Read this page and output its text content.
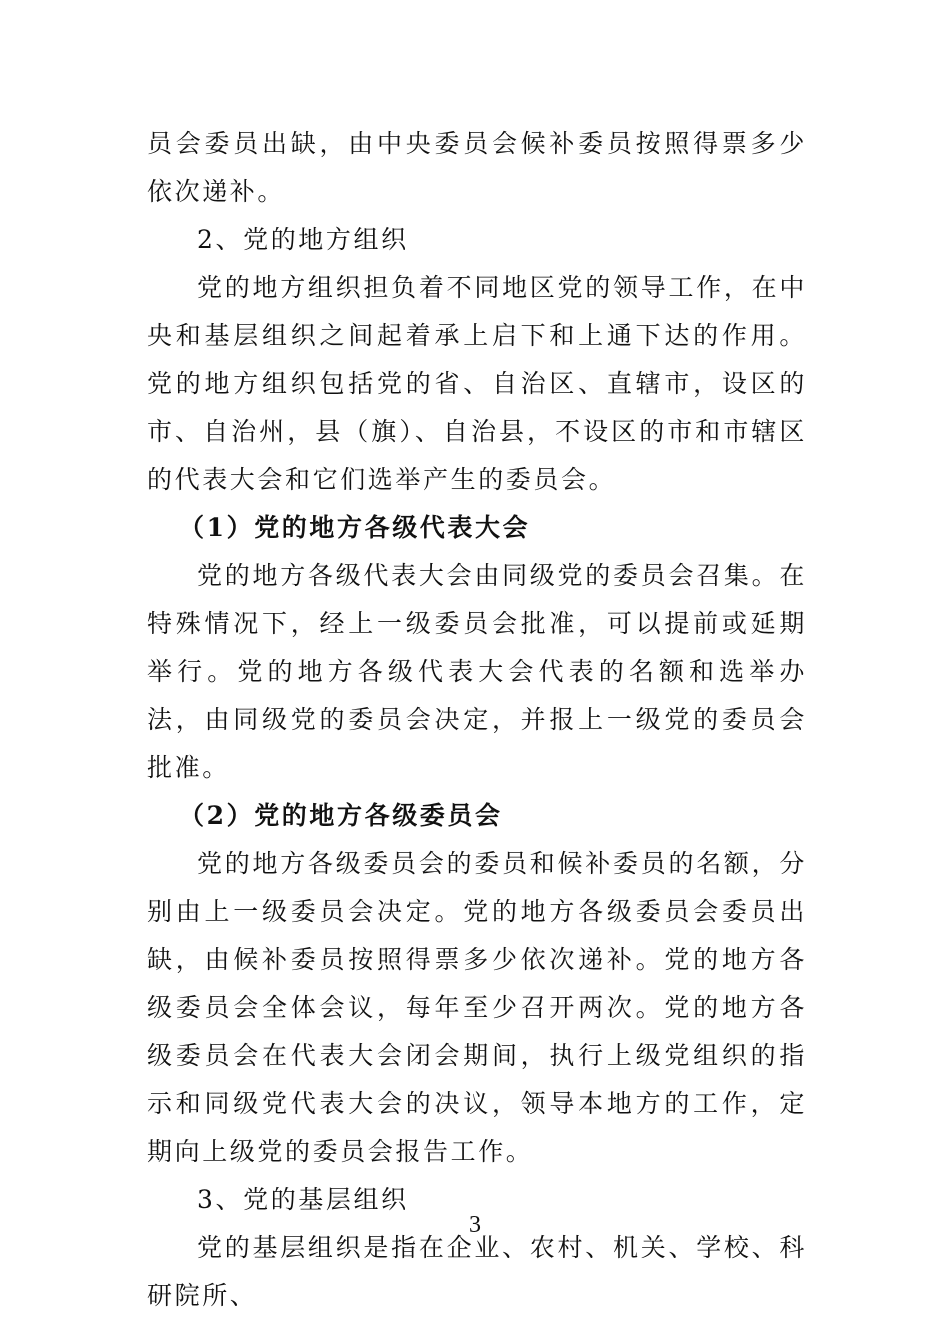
员会委员出缺，由中央委员会候补委员按照得票多少依次递补。

2、党的地方组织

党的地方组织担负着不同地区党的领导工作，在中央和基层组织之间起着承上启下和上通下达的作用。党的地方组织包括党的省、自治区、直辖市，设区的市、自治州，县（旗）、自治县，不设区的市和市辖区的代表大会和它们选举产生的委员会。

（1）党的地方各级代表大会

党的地方各级代表大会由同级党的委员会召集。在特殊情况下，经上一级委员会批准，可以提前或延期举行。党的地方各级代表大会代表的名额和选举办法，由同级党的委员会决定，并报上一级党的委员会批准。

（2）党的地方各级委员会

党的地方各级委员会的委员和候补委员的名额，分别由上一级委员会决定。党的地方各级委员会委员出缺，由候补委员按照得票多少依次递补。党的地方各级委员会全体会议，每年至少召开两次。党的地方各级委员会在代表大会闭会期间，执行上级党组织的指示和同级党代表大会的决议，领导本地方的工作，定期向上级党的委员会报告工作。

3、党的基层组织

党的基层组织是指在企业、农村、机关、学校、科研院所、

3
